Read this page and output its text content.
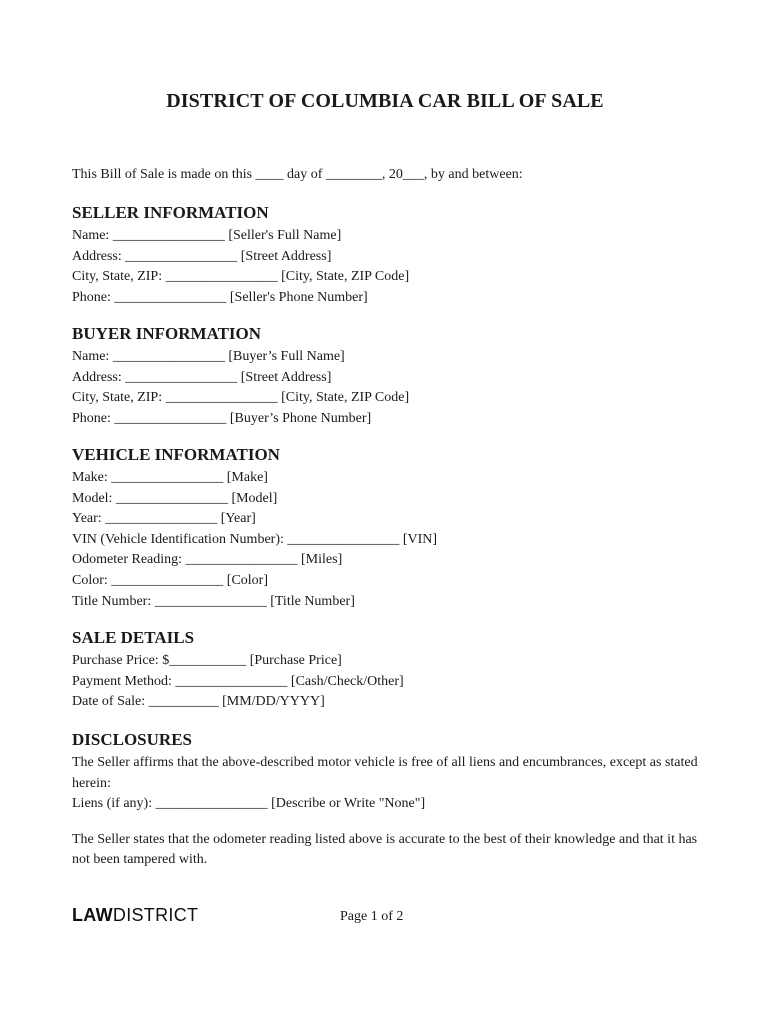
DISTRICT OF COLUMBIA CAR BILL OF SALE
This Bill of Sale is made on this ____ day of ________, 20___, by and between:
SELLER INFORMATION
Name: ________________ [Seller's Full Name]
Address: ________________ [Street Address]
City, State, ZIP: ________________ [City, State, ZIP Code]
Phone: ________________ [Seller's Phone Number]
BUYER INFORMATION
Name: ________________ [Buyer’s Full Name]
Address: ________________ [Street Address]
City, State, ZIP: ________________ [City, State, ZIP Code]
Phone: ________________ [Buyer’s Phone Number]
VEHICLE INFORMATION
Make: ________________ [Make]
Model: ________________ [Model]
Year: ________________ [Year]
VIN (Vehicle Identification Number): ________________ [VIN]
Odometer Reading: ________________ [Miles]
Color: ________________ [Color]
Title Number: ________________ [Title Number]
SALE DETAILS
Purchase Price: $___________ [Purchase Price]
Payment Method: ________________ [Cash/Check/Other]
Date of Sale: __________ [MM/DD/YYYY]
DISCLOSURES
The Seller affirms that the above-described motor vehicle is free of all liens and encumbrances, except as stated herein:
Liens (if any): ________________ [Describe or Write "None"]
The Seller states that the odometer reading listed above is accurate to the best of their knowledge and that it has not been tampered with.
LAWDISTRICT	Page 1 of 2
